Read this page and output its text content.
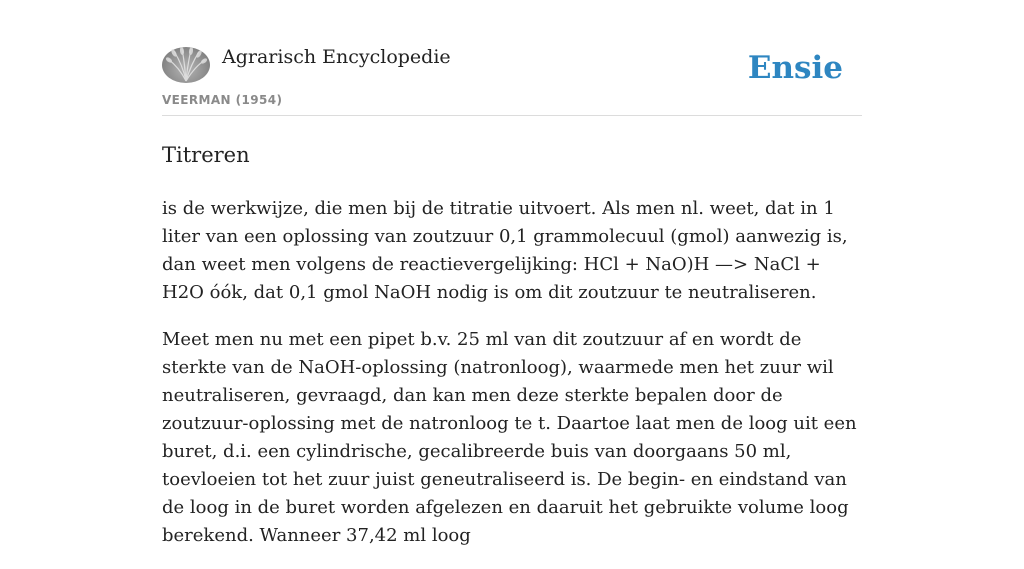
Agrarisch Encyclopedie
VEERMAN (1954)
Ensie
Titreren

is de werkwijze, die men bij de titratie uitvoert. Als men nl. weet, dat in 1 liter van een oplossing van zoutzuur 0,1 grammolecuul (gmol) aanwezig is, dan weet men volgens de reactievergelijking: HCl + NaO)H —> NaCl + H2O óók, dat 0,1 gmol NaOH nodig is om dit zoutzuur te neutraliseren.

Meet men nu met een pipet b.v. 25 ml van dit zoutzuur af en wordt de sterkte van de NaOH-oplossing (natronloog), waarmede men het zuur wil neutraliseren, gevraagd, dan kan men deze sterkte bepalen door de zoutzuur-oplossing met de natronloog te t. Daartoe laat men de loog uit een buret, d.i. een cylindrische, gecalibreerde buis van doorgaans 50 ml, toevloeien tot het zuur juist geneutraliseerd is. De begin- en eindstand van de loog in de buret worden afgelezen en daaruit het gebruikte volume loog berekend. Wanneer 37,42 ml loog
